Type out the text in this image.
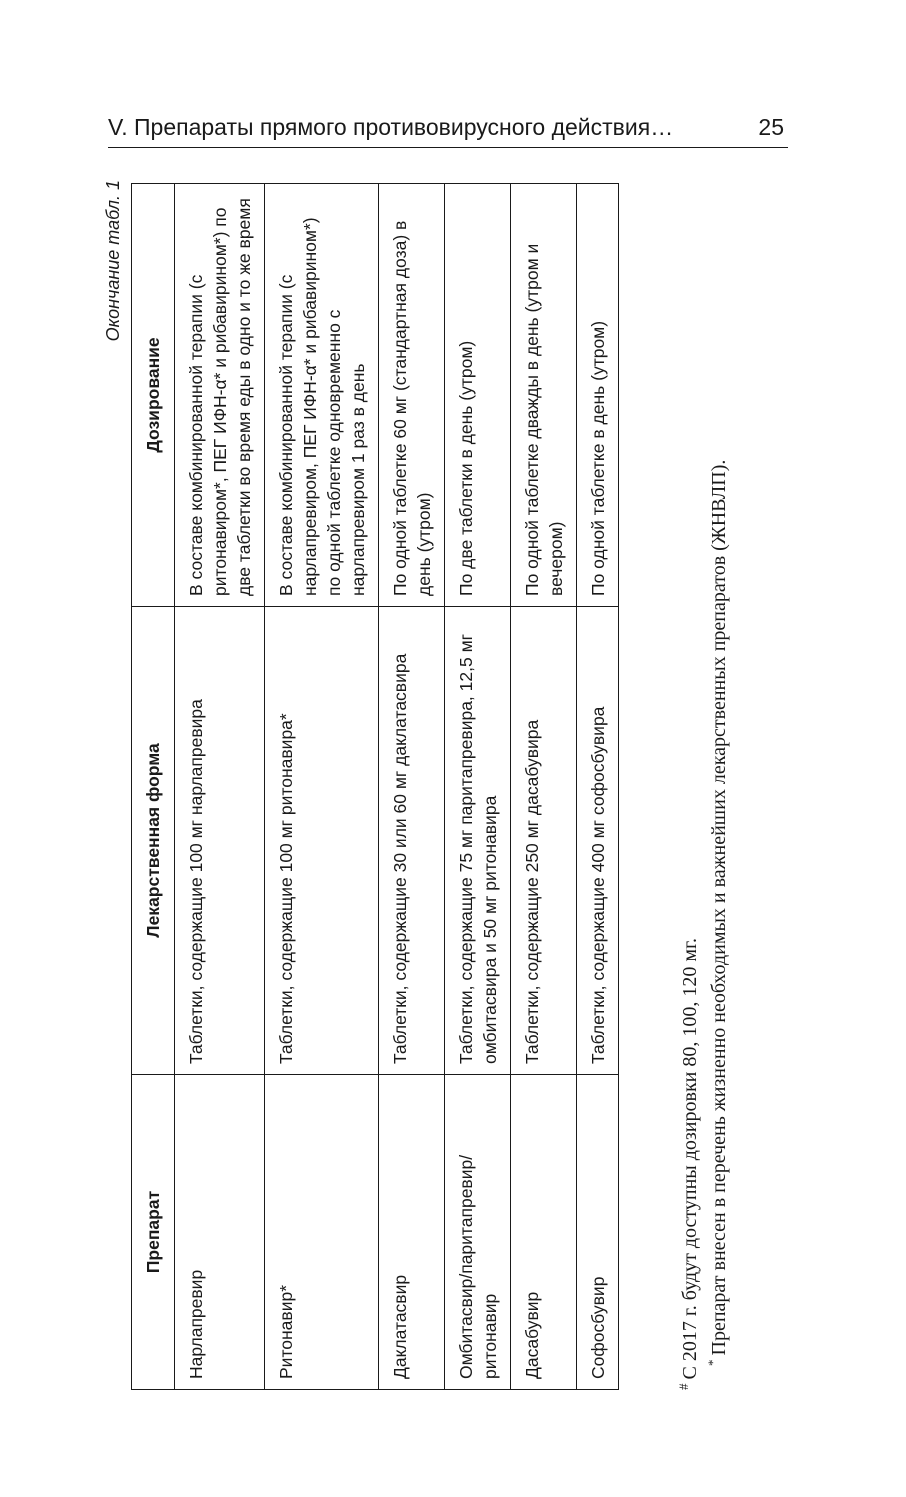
V. Препараты прямого противовирусного действия…	25
Окончание табл. 1
Препарат	Лекарственная форма	Дозирование
Нарлапревир	Таблетки, содержащие 100 мг нарлапревира	В составе комбинированной терапии (с ритонавиром*, ПЕГ ИФН-α* и рибавирином*) по две таблетки во время еды в одно и то же время
Ритонавир*	Таблетки, содержащие 100 мг ритонавира*	В составе комбинированной терапии (с нарлапревиром, ПЕГ ИФН-α* и рибавирином*) по одной таблетке одновременно с нарлапревиром 1 раз в день
Даклатасвир	Таблетки, содержащие 30 или 60 мг даклатасвира	По одной таблетке 60 мг (стандартная доза) в день (утром)
Омбитасвир/паритапревир/ритонавир	Таблетки, содержащие 75 мг паритапревира, 12,5 мг омбитасвира и 50 мг ритонавира	По две таблетки в день (утром)
Дасабувир	Таблетки, содержащие 250 мг дасабувира	По одной таблетке дважды в день (утром и вечером)
Софосбувир	Таблетки, содержащие 400 мг софосбувира	По одной таблетке в день (утром)

#С 2017 г. будут доступны дозировки 80, 100, 120 мг. *Препарат внесен в перечень жизненно необходимых и важнейших лекарственных препаратов (ЖНВЛП).
